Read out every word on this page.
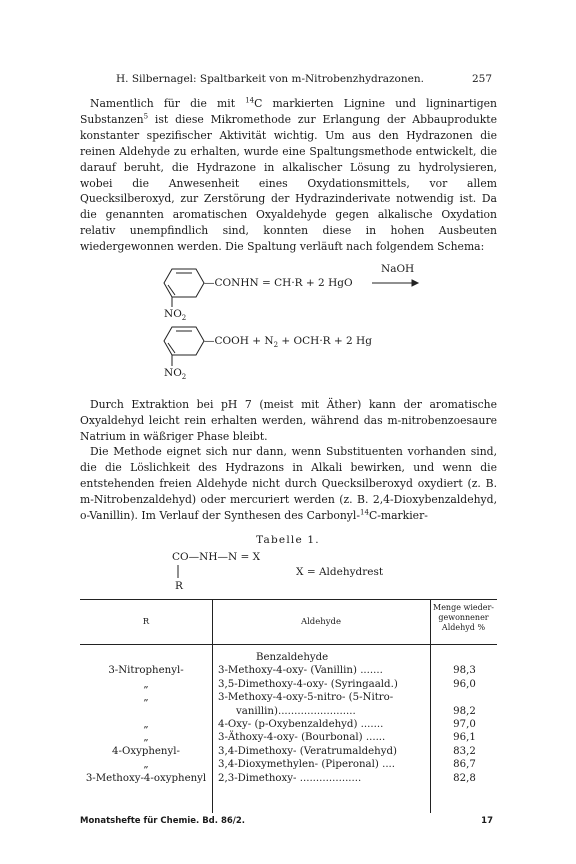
H. Silbernagel: Spaltbarkeit von m-Nitrobenzhydrazonen.	257

Namentlich für die mit $^{14}$C markierten Lignine und ligninartigen Substanzen$^5$ ist diese Mikromethode zur Erlangung der Abbauprodukte konstanter spezifischer Aktivität wichtig. Um aus den Hydrazonen die reinen Aldehyde zu erhalten, wurde eine Spaltungsmethode entwickelt, die darauf beruht, die Hydrazone in alkalischer Lösung zu hydrolysieren, wobei die Anwesenheit eines Oxydationsmittels, vor allem Quecksilberoxyd, zur Zerstörung der Hydrazinderivate notwendig ist. Da die genannten aromatischen Oxyaldehyde gegen alkalische Oxydation relativ unempfindlich sind, konnten diese in hohen Ausbeuten wiedergewonnen werden. Die Spaltung verläuft nach folgendem Schema:

NaOH
—CONHN = CH·R + 2 HgO
$NO_2$
—COOH + $N_2 + OCH\cdot R + 2$ Hg
$NO_2$

Durch Extraktion bei pH 7 (meist mit Äther) kann der aromatische Oxyaldehyd leicht rein erhalten werden, während das m-nitrobenzoesaure Natrium in wäßriger Phase bleibt.

Die Methode eignet sich nur dann, wenn Substituenten vorhanden sind, die die Löslichkeit des Hydrazons in Alkali bewirken, und wenn die entstehenden freien Aldehyde nicht durch Quecksilberoxyd oxydiert (z. B. m-Nitrobenzaldehyd) oder mercuriert werden (z. B. 2,4-Dioxybenzaldehyd, o-Vanillin). Im Verlauf der Synthesen des Carbonyl-$^{14}$C-markier-

Tabelle 1.
CO—NH—N = X
X = Aldehydrest
R
R	Aldehyde
Menge wieder-
gewonnener
Aldehyd %
Benzaldehyde
3-Nitrophenyl-	3-Methoxy-4-oxy- (Vanillin) .......	98,3
„	3,5-Dimethoxy-4-oxy- (Syringaald.)	96,0
„	3-Methoxy-4-oxy-5-nitro- (5-Nitro-
vanillin)........................	98,2
„	4-Oxy- (p-Oxybenzaldehyd) .......	97,0
„	3-Äthoxy-4-oxy- (Bourbonal) ......	96,1
4-Oxyphenyl-	3,4-Dimethoxy- (Veratrumaldehyd)	83,2
„	3,4-Dioxymethylen- (Piperonal) ....	86,7
3-Methoxy-4-oxyphenyl	2,3-Dimethoxy- ...................	82,8
Monatshefte für Chemie. Bd. 86/2.	17
